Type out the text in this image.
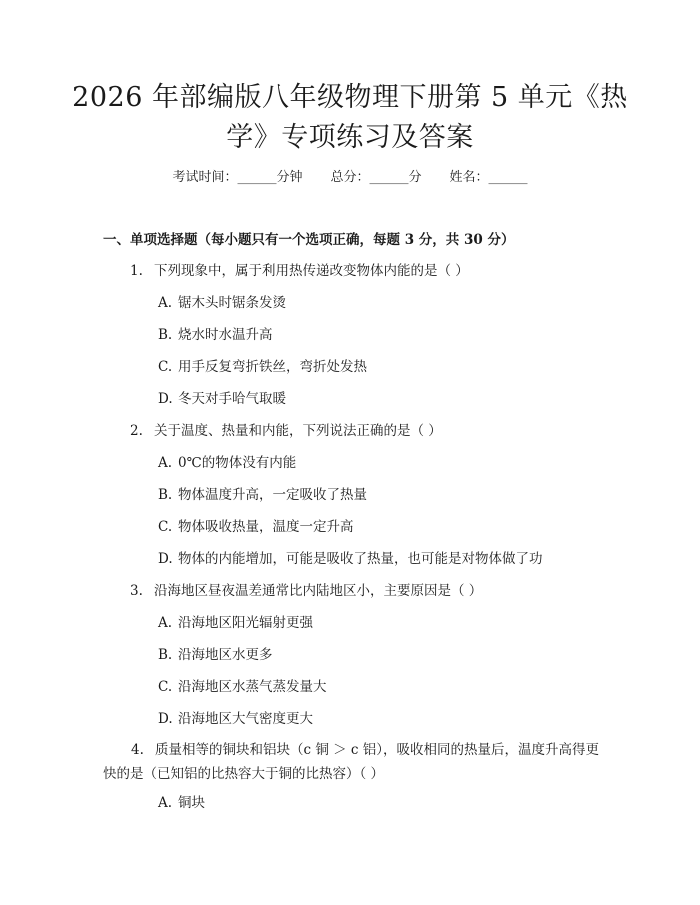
2026 年部编版八年级物理下册第 5 单元《热
学》专项练习及答案
考试时间：______分钟 总分：______分 姓名：______
一、单项选择题（每小题只有一个选项正确，每题 3 分，共 30 分）
1. 下列现象中，属于利用热传递改变物体内能的是（ ）
A. 锯木头时锯条发烫
B. 烧水时水温升高
C. 用手反复弯折铁丝，弯折处发热
D. 冬天对手哈气取暖
2. 关于温度、热量和内能，下列说法正确的是（ ）
A. 0℃的物体没有内能
B. 物体温度升高，一定吸收了热量
C. 物体吸收热量，温度一定升高
D. 物体的内能增加，可能是吸收了热量，也可能是对物体做了功
3. 沿海地区昼夜温差通常比内陆地区小，主要原因是（ ）
A. 沿海地区阳光辐射更强
B. 沿海地区水更多
C. 沿海地区水蒸气蒸发量大
D. 沿海地区大气密度更大
4. 质量相等的铜块和铝块（c 铜 ＞ c 铝），吸收相同的热量后，温度升高得更快的是（已知铝的比热容大于铜的比热容）（ ）
A. 铜块
